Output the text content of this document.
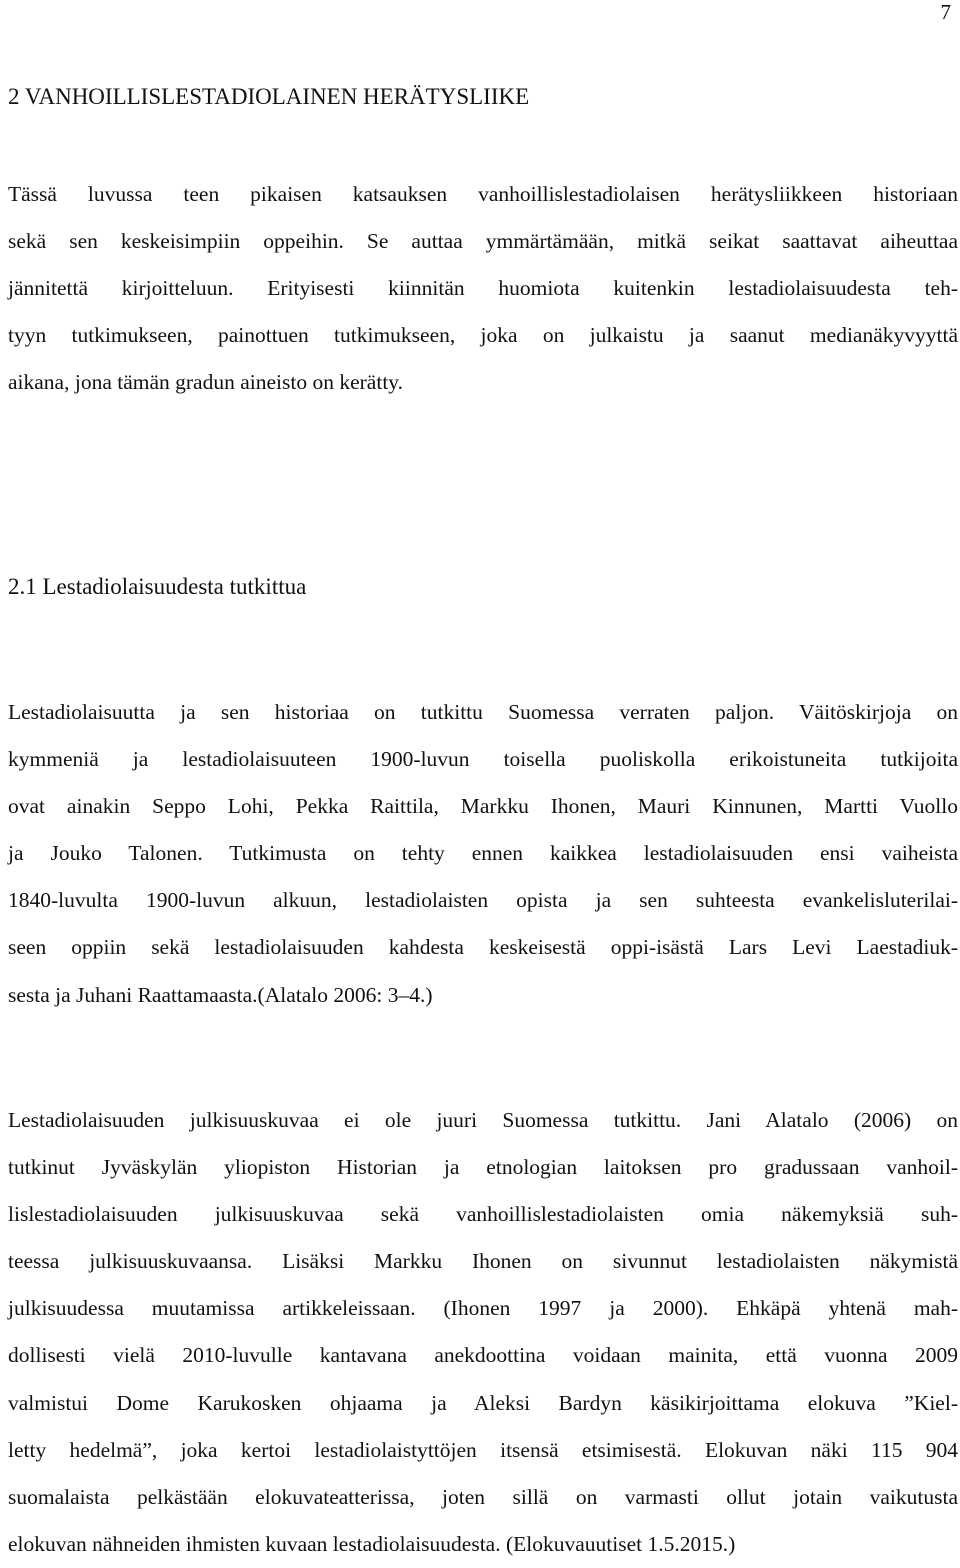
7
2 VANHOILLISLESTADIOLAINEN HERÄTYSLIIKE
Tässä luvussa teen pikaisen katsauksen vanhoillislestadiolaisen herätysliikkeen historiaan
sekä sen keskeisimpiin oppeihin. Se auttaa ymmärtämään, mitkä seikat saattavat aiheuttaa
jännitettä kirjoitteluun. Erityisesti kiinnitän huomiota kuitenkin lestadiolaisuudesta teh-
tyyn tutkimukseen, painottuen tutkimukseen, joka on julkaistu ja saanut medianäkyvyyttä
aikana, jona tämän gradun aineisto on kerätty.
2.1 Lestadiolaisuudesta tutkittua
Lestadiolaisuutta ja sen historiaa on tutkittu Suomessa verraten paljon. Väitöskirjoja on
kymmeniä ja lestadiolaisuuteen 1900-luvun toisella puoliskolla erikoistuneita tutkijoita
ovat ainakin Seppo Lohi, Pekka Raittila, Markku Ihonen, Mauri Kinnunen, Martti Vuollo
ja Jouko Talonen. Tutkimusta on tehty ennen kaikkea lestadiolaisuuden ensi vaiheista
1840-luvulta 1900-luvun alkuun, lestadiolaisten opista ja sen suhteesta evankelisluterilai-
seen oppiin sekä lestadiolaisuuden kahdesta keskeisestä oppi-isästä Lars Levi Laestadiuk-
sesta ja Juhani Raattamaasta.(Alatalo 2006: 3–4.)
Lestadiolaisuuden julkisuuskuvaa ei ole juuri Suomessa tutkittu. Jani Alatalo (2006) on
tutkinut Jyväskylän yliopiston Historian ja etnologian laitoksen pro gradussaan vanhoil-
lislestadiolaisuuden julkisuuskuvaa sekä vanhoillislestadiolaisten omia näkemyksiä suh-
teessa julkisuuskuvaansa. Lisäksi Markku Ihonen on sivunnut lestadiolaisten näkymistä
julkisuudessa muutamissa artikkeleissaan. (Ihonen 1997 ja 2000). Ehkäpä yhtenä mah-
dollisesti vielä 2010-luvulle kantavana anekdoottina voidaan mainita, että vuonna 2009
valmistui Dome Karukosken ohjaama ja Aleksi Bardyn käsikirjoittama elokuva ”Kiel-
letty hedelmä”, joka kertoi lestadiolaistyttöjen itsensä etsimisestä. Elokuvan näki 115 904
suomalaista pelkästään elokuvateatterissa, joten sillä on varmasti ollut jotain vaikutusta
elokuvan nähneiden ihmisten kuvaan lestadiolaisuudesta. (Elokuvauutiset 1.5.2015.)
